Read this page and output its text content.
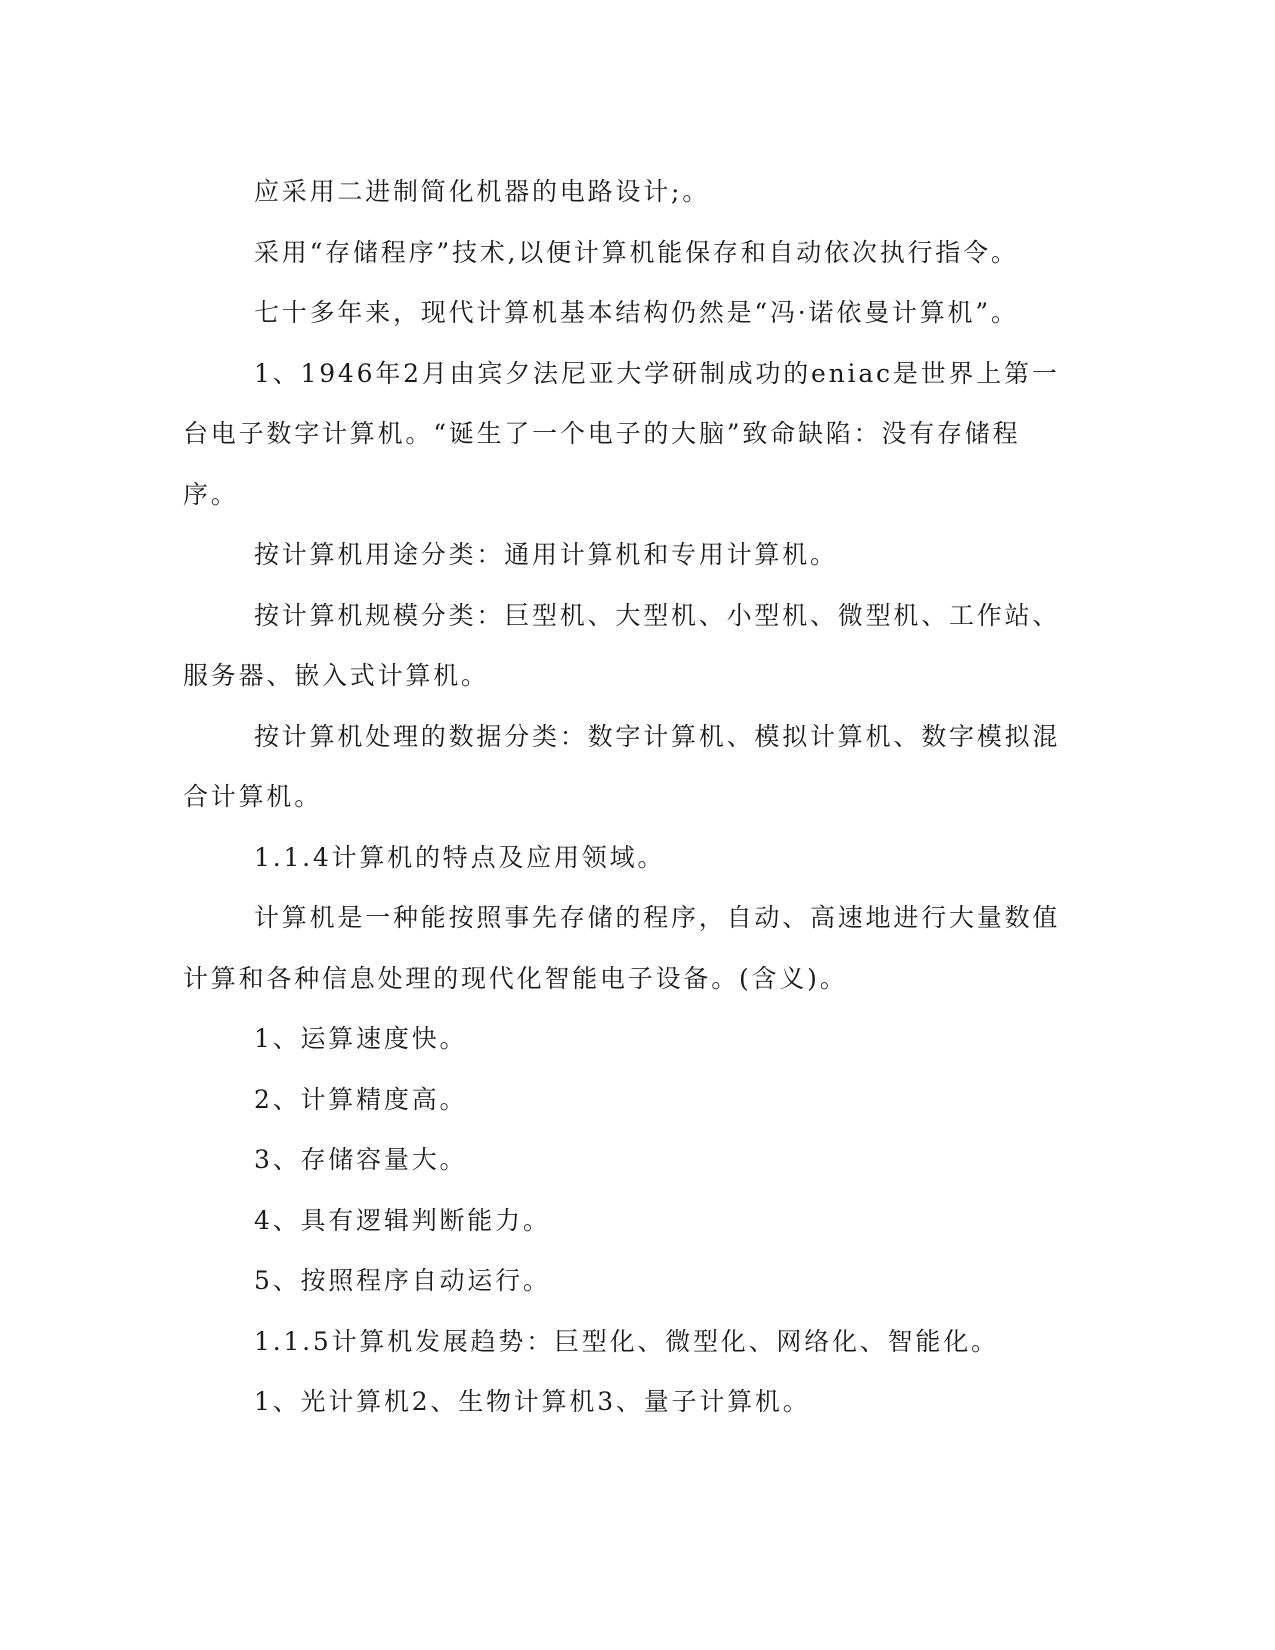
应采用二进制简化机器的电路设计;。

采用“存储程序”技术,以便计算机能保存和自动依次执行指令。

七十多年来，现代计算机基本结构仍然是“冯·诺依曼计算机”。

1、1946年2月由宾夕法尼亚大学研制成功的eniac是世界上第一台电子数字计算机。“诞生了一个电子的大脑”致命缺陷：没有存储程序。

按计算机用途分类：通用计算机和专用计算机。

按计算机规模分类：巨型机、大型机、小型机、微型机、工作站、服务器、嵌入式计算机。

按计算机处理的数据分类：数字计算机、模拟计算机、数字模拟混合计算机。

1.1.4计算机的特点及应用领域。

计算机是一种能按照事先存储的程序，自动、高速地进行大量数值计算和各种信息处理的现代化智能电子设备。(含义)。

1、运算速度快。

2、计算精度高。

3、存储容量大。

4、具有逻辑判断能力。

5、按照程序自动运行。

1.1.5计算机发展趋势：巨型化、微型化、网络化、智能化。

1、光计算机2、生物计算机3、量子计算机。
